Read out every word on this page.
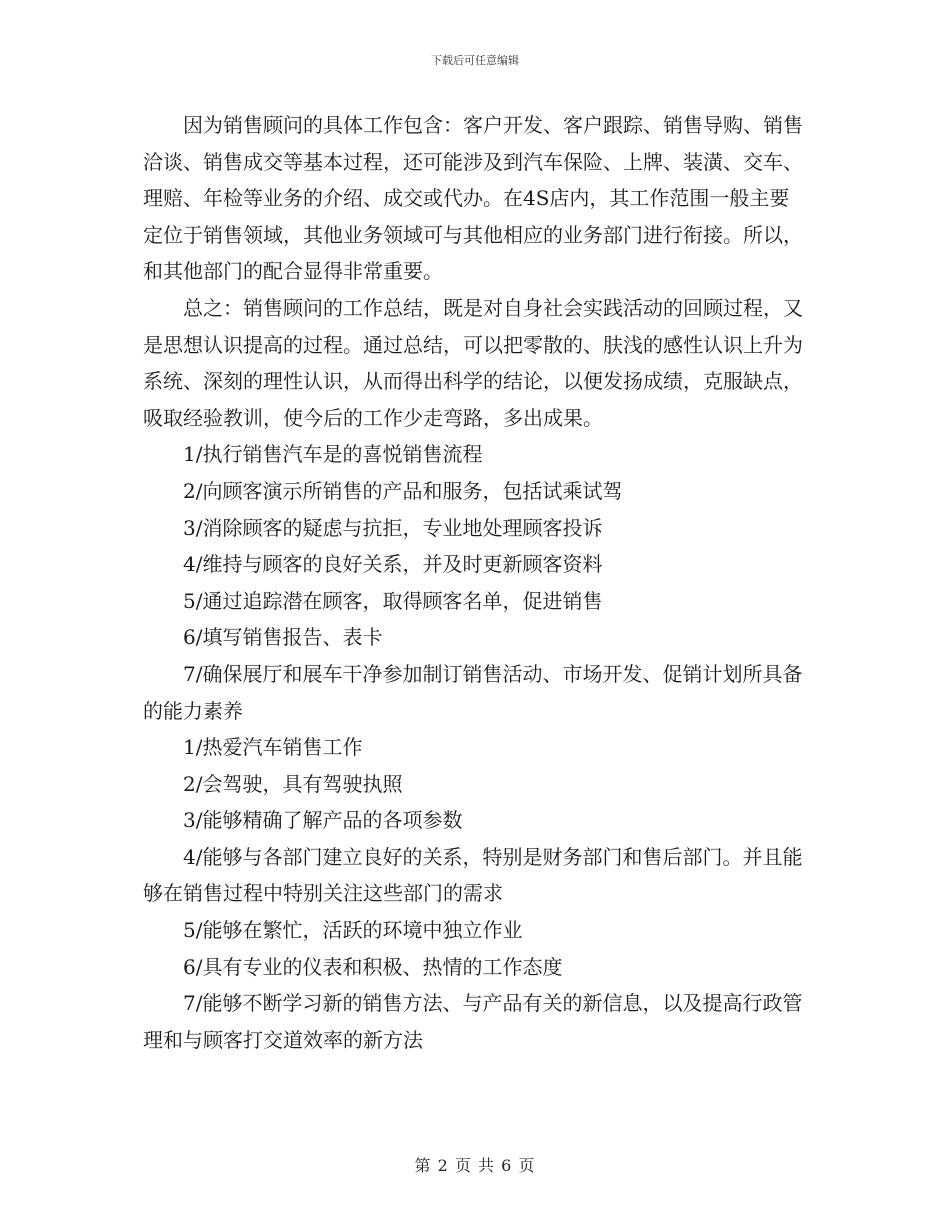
下载后可任意编辑

因为销售顾问的具体工作包含：客户开发、客户跟踪、销售导购、销售洽谈、销售成交等基本过程，还可能涉及到汽车保险、上牌、装潢、交车、理赔、年检等业务的介绍、成交或代办。在4S店内，其工作范围一般主要定位于销售领域，其他业务领域可与其他相应的业务部门进行衔接。所以，和其他部门的配合显得非常重要。

总之：销售顾问的工作总结，既是对自身社会实践活动的回顾过程，又是思想认识提高的过程。通过总结，可以把零散的、肤浅的感性认识上升为系统、深刻的理性认识，从而得出科学的结论，以便发扬成绩，克服缺点，吸取经验教训，使今后的工作少走弯路，多出成果。

1/执行销售汽车是的喜悦销售流程

2/向顾客演示所销售的产品和服务，包括试乘试驾

3/消除顾客的疑虑与抗拒，专业地处理顾客投诉

4/维持与顾客的良好关系，并及时更新顾客资料

5/通过追踪潜在顾客，取得顾客名单，促进销售

6/填写销售报告、表卡

7/确保展厅和展车干净参加制订销售活动、市场开发、促销计划所具备的能力素养

1/热爱汽车销售工作

2/会驾驶，具有驾驶执照

3/能够精确了解产品的各项参数

4/能够与各部门建立良好的关系，特别是财务部门和售后部门。并且能够在销售过程中特别关注这些部门的需求

5/能够在繁忙，活跃的环境中独立作业

6/具有专业的仪表和积极、热情的工作态度

7/能够不断学习新的销售方法、与产品有关的新信息，以及提高行政管理和与顾客打交道效率的新方法

第 2 页 共 6 页
